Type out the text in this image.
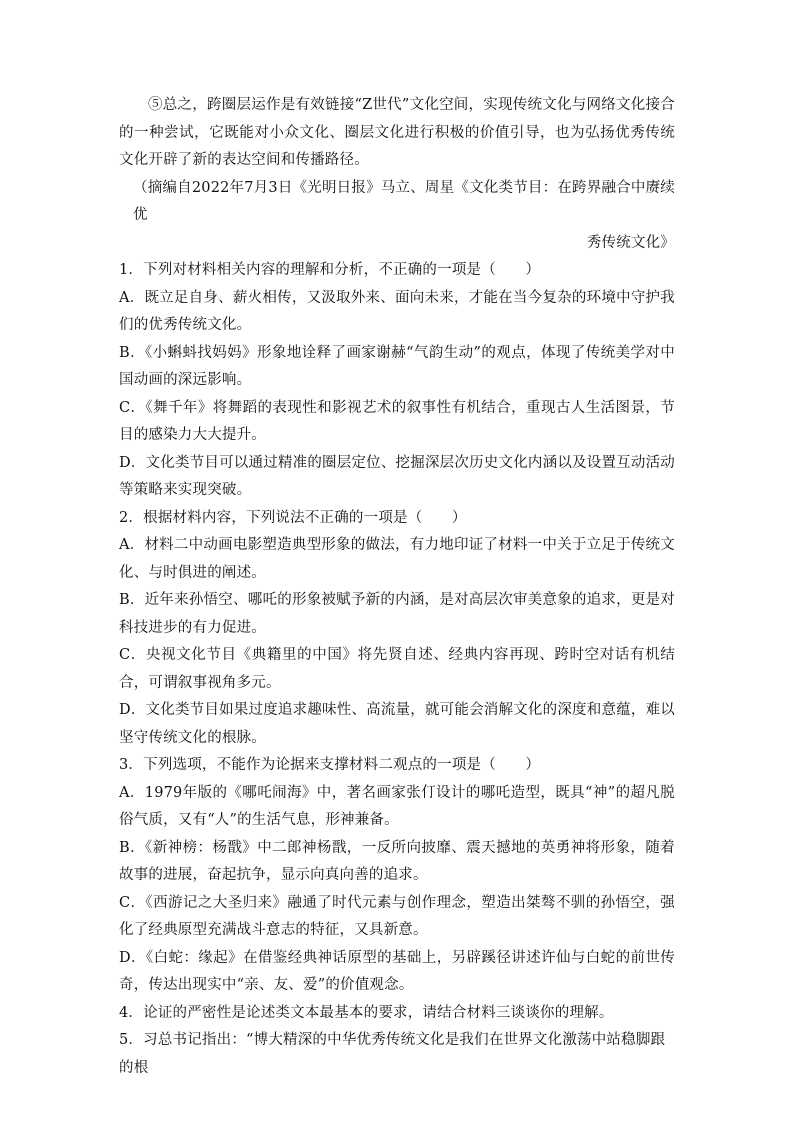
⑤总之，跨圈层运作是有效链接“Z世代”文化空间，实现传统文化与网络文化接合的一种尝试，它既能对小众文化、圈层文化进行积极的价值引导，也为弘扬优秀传统文化开辟了新的表达空间和传播路径。

（摘编自2022年7月3日《光明日报》马立、周星《文化类节目：在跨界融合中赓续优

秀传统文化》

1．下列对材料相关内容的理解和分析，不正确的一项是（　　）

A．既立足自身、薪火相传，又汲取外来、面向未来，才能在当今复杂的环境中守护我们的优秀传统文化。

B．《小蝌蚪找妈妈》形象地诠释了画家谢赫“气韵生动”的观点，体现了传统美学对中国动画的深远影响。

C．《舞千年》将舞蹈的表现性和影视艺术的叙事性有机结合，重现古人生活图景，节目的感染力大大提升。

D．文化类节目可以通过精准的圈层定位、挖掘深层次历史文化内涵以及设置互动活动等策略来实现突破。

2．根据材料内容，下列说法不正确的一项是（　　）

A．材料二中动画电影塑造典型形象的做法，有力地印证了材料一中关于立足于传统文化、与时俱进的阐述。

B．近年来孙悟空、哪吒的形象被赋予新的内涵，是对高层次审美意象的追求，更是对科技进步的有力促进。

C．央视文化节目《典籍里的中国》将先贤自述、经典内容再现、跨时空对话有机结合，可谓叙事视角多元。

D．文化类节目如果过度追求趣味性、高流量，就可能会消解文化的深度和意蕴，难以坚守传统文化的根脉。

3．下列选项，不能作为论据来支撑材料二观点的一项是（　　）

A．1979年版的《哪吒闹海》中，著名画家张仃设计的哪吒造型，既具“神”的超凡脱俗气质，又有“人”的生活气息，形神兼备。

B．《新神榜：杨戬》中二郎神杨戬，一反所向披靡、震天撼地的英勇神将形象，随着故事的进展，奋起抗争，显示向真向善的追求。

C．《西游记之大圣归来》融通了时代元素与创作理念，塑造出桀骜不驯的孙悟空，强化了经典原型充满战斗意志的特征，又具新意。

D．《白蛇：缘起》在借鉴经典神话原型的基础上，另辟蹊径讲述许仙与白蛇的前世传奇，传达出现实中“亲、友、爱”的价值观念。

4．论证的严密性是论述类文本最基本的要求，请结合材料三谈谈你的理解。

5．习总书记指出：“博大精深的中华优秀传统文化是我们在世界文化激荡中站稳脚跟的根
